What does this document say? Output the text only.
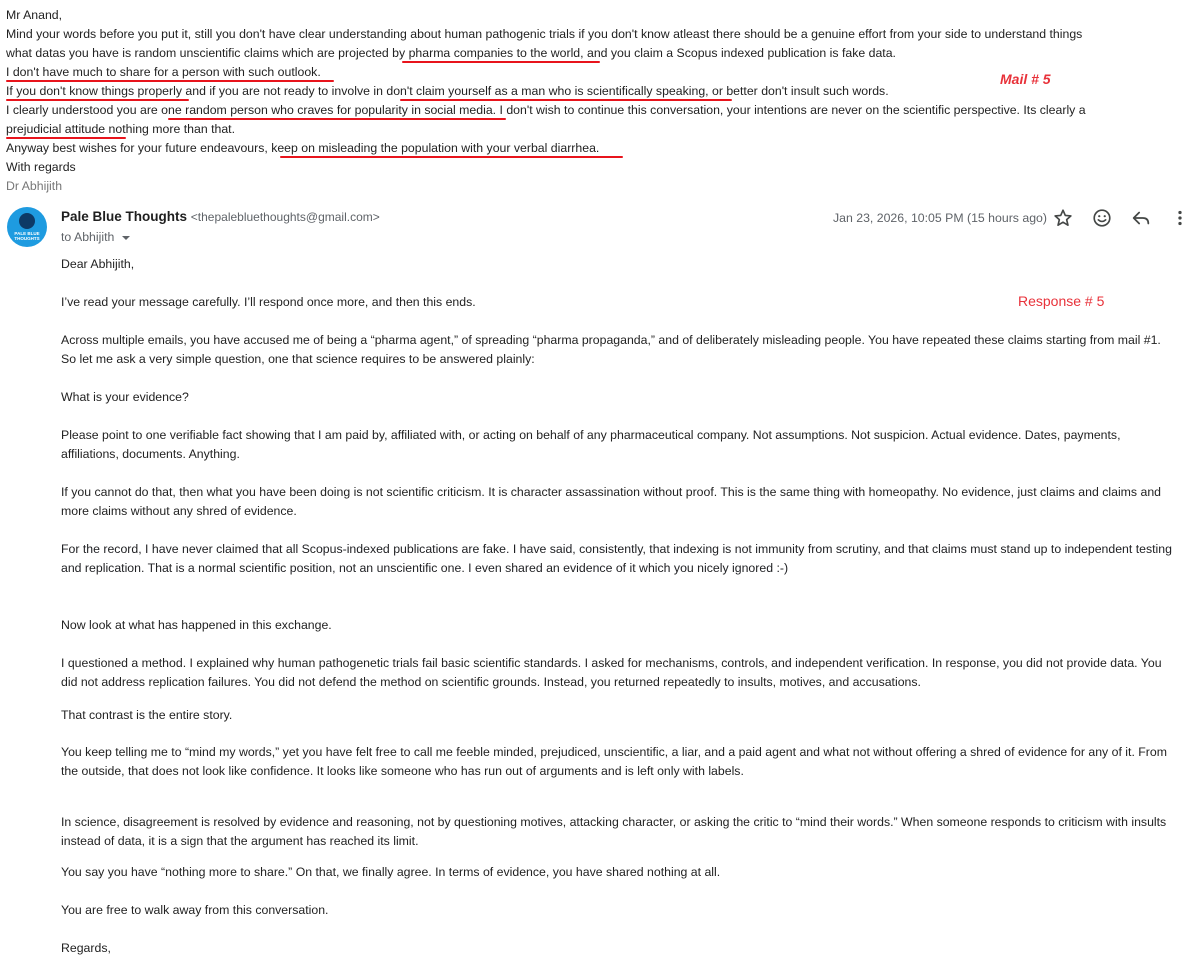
Mr Anand,
Mind your words before you put it, still you don't have clear understanding about human pathogenic trials if you don't know atleast there should be a genuine effort from your side to understand things
what datas you have is random unscientific claims which are projected by pharma companies to the world, and you claim a Scopus indexed publication is fake data.
I don't have much to share for a person with such outlook.
If you don't know things properly and if you are not ready to involve in don't claim yourself as a man who is scientifically speaking, or better don't insult such words.
I clearly understood you are one random person who craves for popularity in social media. I don't wish to continue this conversation, your intentions are never on the scientific perspective. Its clearly a
prejudicial attitude nothing more than that.
Anyway best wishes for your future endeavours, keep on misleading the population with your verbal diarrhea.
With regards
Dr Abhijith
Mail # 5
PALE BLUE THOUGHTS
Pale Blue Thoughts <thepalebluethoughts@gmail.com>
to Abhijith
Jan 23, 2026, 10:05 PM (15 hours ago)
Dear Abhijith,
I’ve read your message carefully. I’ll respond once more, and then this ends.	Response # 5
Across multiple emails, you have accused me of being a “pharma agent,” of spreading “pharma propaganda,” and of deliberately misleading people. You have repeated these claims starting from mail #1. So let me ask a very simple question, one that science requires to be answered plainly:
What is your evidence?
Please point to one verifiable fact showing that I am paid by, affiliated with, or acting on behalf of any pharmaceutical company. Not assumptions. Not suspicion. Actual evidence. Dates, payments, affiliations, documents. Anything.
If you cannot do that, then what you have been doing is not scientific criticism. It is character assassination without proof. This is the same thing with homeopathy. No evidence, just claims and claims and more claims without any shred of evidence.
For the record, I have never claimed that all Scopus-indexed publications are fake. I have said, consistently, that indexing is not immunity from scrutiny, and that claims must stand up to independent testing and replication. That is a normal scientific position, not an unscientific one. I even shared an evidence of it which you nicely ignored :-)
Now look at what has happened in this exchange.
I questioned a method. I explained why human pathogenetic trials fail basic scientific standards. I asked for mechanisms, controls, and independent verification. In response, you did not provide data. You did not address replication failures. You did not defend the method on scientific grounds. Instead, you returned repeatedly to insults, motives, and accusations.
That contrast is the entire story.
You keep telling me to “mind my words,” yet you have felt free to call me feeble minded, prejudiced, unscientific, a liar, and a paid agent and what not without offering a shred of evidence for any of it. From the outside, that does not look like confidence. It looks like someone who has run out of arguments and is left only with labels.
In science, disagreement is resolved by evidence and reasoning, not by questioning motives, attacking character, or asking the critic to “mind their words.” When someone responds to criticism with insults instead of data, it is a sign that the argument has reached its limit.
You say you have “nothing more to share.” On that, we finally agree. In terms of evidence, you have shared nothing at all.
You are free to walk away from this conversation.
Regards,
